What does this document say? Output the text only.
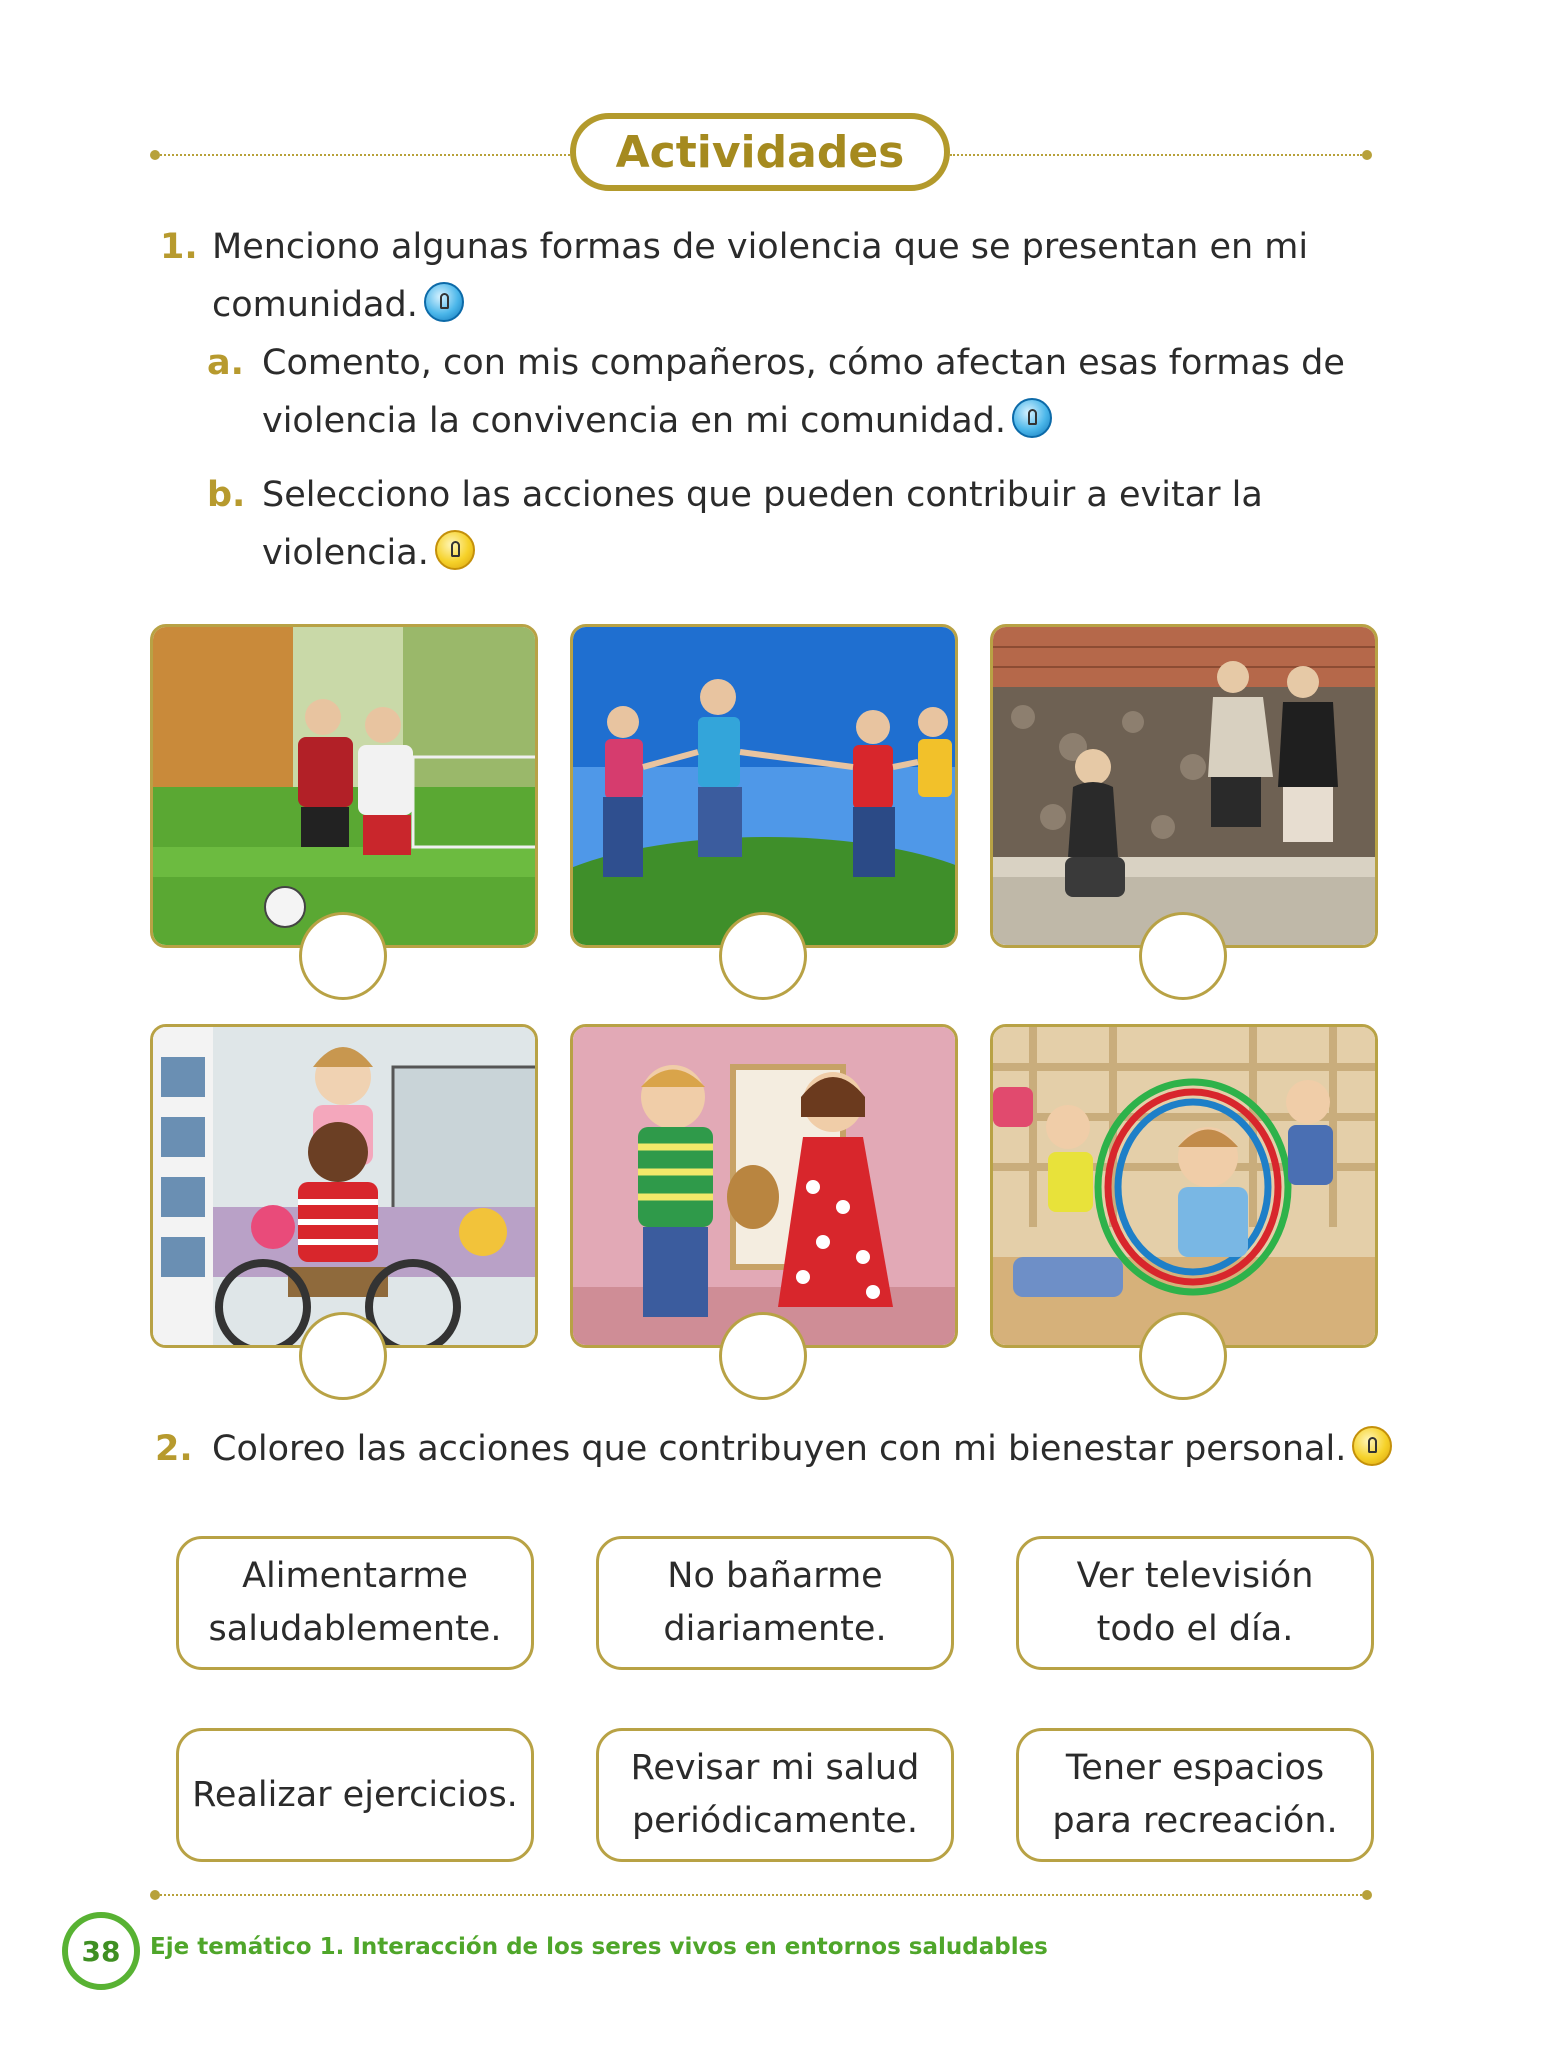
Actividades
1. Menciono algunas formas de violencia que se presentan en mi
comunidad.
a. Comento, con mis compañeros, cómo afectan esas formas de
violencia la convivencia en mi comunidad.
b. Selecciono las acciones que pueden contribuir a evitar la
violencia.
2. Coloreo las acciones que contribuyen con mi bienestar personal.
Alimentarme
saludablemente.
No bañarme
diariamente.
Ver televisión
todo el día.
Realizar ejercicios.
Revisar mi salud
periódicamente.
Tener espacios
para recreación.
38	Eje temático 1. Interacción de los seres vivos en entornos saludables
